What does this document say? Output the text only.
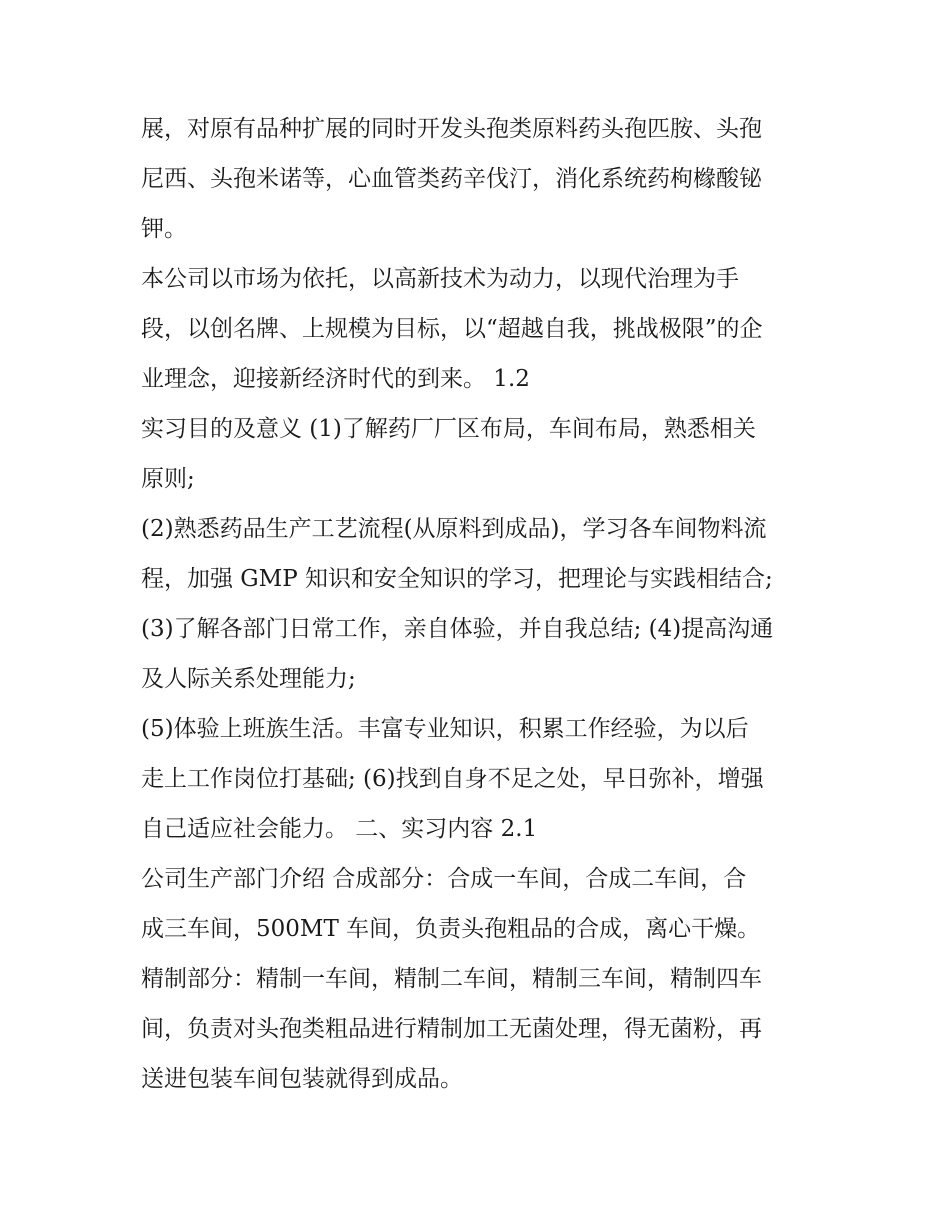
展，对原有品种扩展的同时开发头孢类原料药头孢匹胺、头孢
尼西、头孢米诺等，心血管类药辛伐汀，消化系统药枸橼酸铋
钾。
本公司以市场为依托，以高新技术为动力，以现代治理为手
段，以创名牌、上规模为目标，以“超越自我，挑战极限”的企
业理念，迎接新经济时代的到来。 1.2
实习目的及意义 (1)了解药厂厂区布局，车间布局，熟悉相关
原则;
(2)熟悉药品生产工艺流程(从原料到成品)，学习各车间物料流
程，加强 GMP 知识和安全知识的学习，把理论与实践相结合;
(3)了解各部门日常工作，亲自体验，并自我总结; (4)提高沟通
及人际关系处理能力;
(5)体验上班族生活。丰富专业知识，积累工作经验，为以后
走上工作岗位打基础; (6)找到自身不足之处，早日弥补，增强
自己适应社会能力。 二、实习内容 2.1
公司生产部门介绍 合成部分：合成一车间，合成二车间，合
成三车间，500MT 车间，负责头孢粗品的合成，离心干燥。
精制部分：精制一车间，精制二车间，精制三车间，精制四车
间，负责对头孢类粗品进行精制加工无菌处理，得无菌粉，再
送进包装车间包装就得到成品。
